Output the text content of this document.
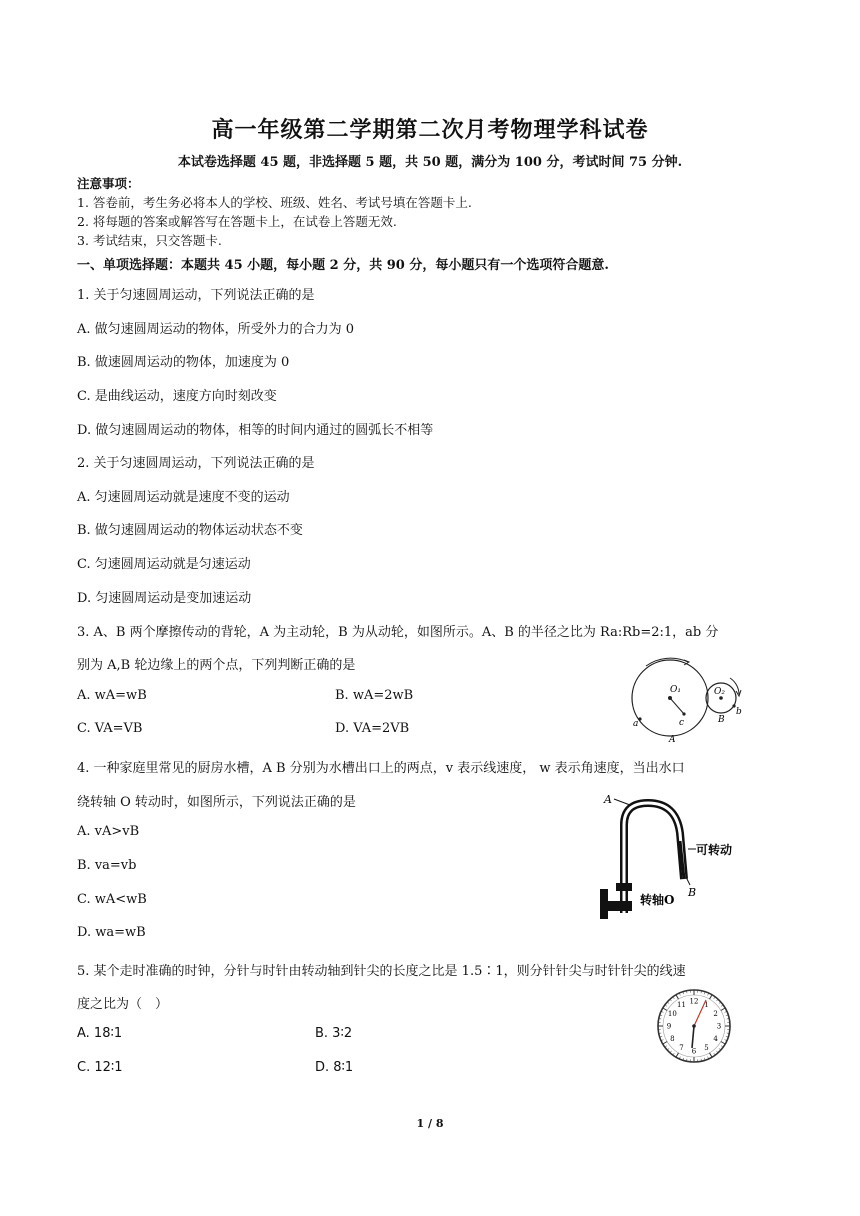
高一年级第二学期第二次月考物理学科试卷
本试卷选择题 45 题，非选择题 5 题，共 50 题，满分为 100 分，考试时间 75 分钟.
注意事项：
1. 答卷前，考生务必将本人的学校、班级、姓名、考试号填在答题卡上.
2. 将每题的答案或解答写在答题卡上，在试卷上答题无效.
3. 考试结束，只交答题卡.
一、单项选择题：本题共 45 小题，每小题 2 分，共 90 分，每小题只有一个选项符合题意.
1. 关于匀速圆周运动，下列说法正确的是
A. 做匀速圆周运动的物体，所受外力的合力为 0
B. 做速圆周运动的物体，加速度为 0
C. 是曲线运动，速度方向时刻改变
D. 做匀速圆周运动的物体，相等的时间内通过的圆弧长不相等
2. 关于匀速圆周运动，下列说法正确的是
A. 匀速圆周运动就是速度不变的运动
B. 做匀速圆周运动的物体运动状态不变
C. 匀速圆周运动就是匀速运动
D. 匀速圆周运动是变加速运动
3. A、B 两个摩擦传动的背轮，A 为主动轮，B 为从动轮，如图所示。A、B 的半径之比为 Ra:Rb=2:1，ab 分
别为 A,B 轮边缘上的两个点，下列判断正确的是
A. wA=wB	B. wA=2wB
C. VA=VB	D. VA=2VB
O₁	O₂
a
b
c
A
B
4. 一种家庭里常见的厨房水槽，A B 分别为水槽出口上的两点，v 表示线速度， w 表示角速度，当出水口
绕转轴 O 转动时，如图所示，下列说法正确的是
A. vA>vB
B. va=vb
C. wA<wB
D. wa=wB
A
可转动
B
转轴O
5. 某个走时准确的时钟，分针与时针由转动轴到针尖的长度之比是 1.5∶1，则分针针尖与时针针尖的线速
度之比为（　）
A. 18∶1	B. 3∶2
C. 12∶1	D. 8∶1
12 1
2
3
4
5
6
7
8
9
10
11
1 / 8
